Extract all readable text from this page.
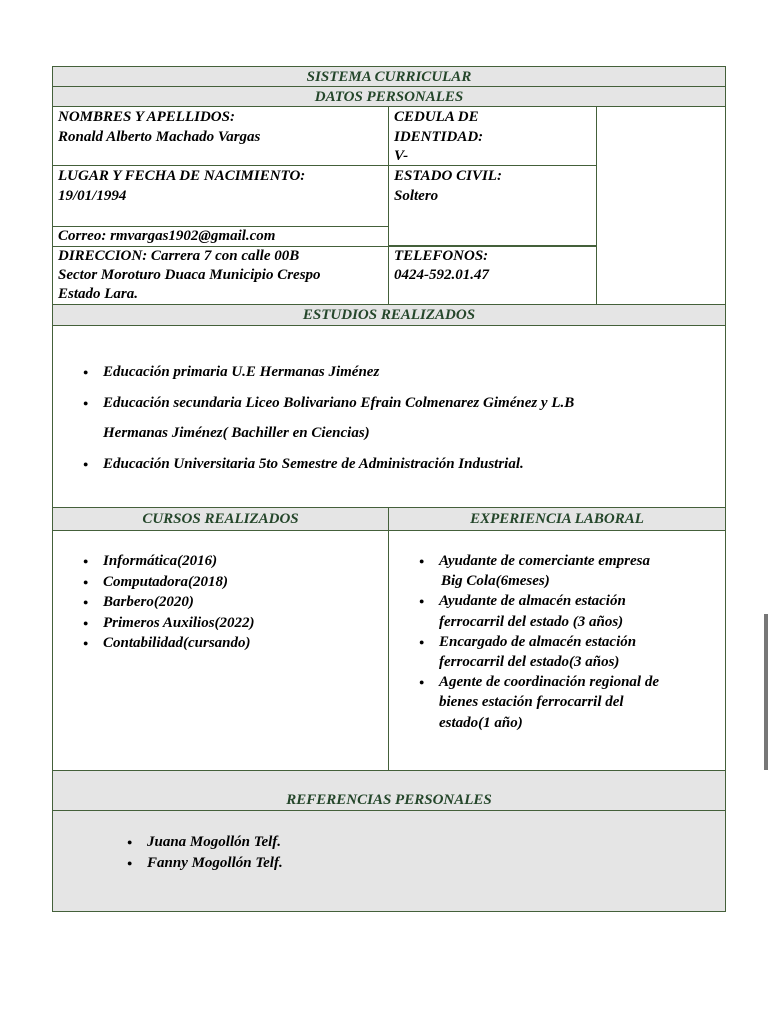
SISTEMA CURRICULAR
DATOS PERSONALES
NOMBRES Y APELLIDOS:
Ronald Alberto Machado Vargas
CEDULA DE
IDENTIDAD:
V-
LUGAR Y FECHA DE NACIMIENTO:
19/01/1994
ESTADO CIVIL:
Soltero
Correo: rmvargas1902@gmail.com
DIRECCION: Carrera 7 con calle 00B
Sector Moroturo Duaca Municipio Crespo
Estado Lara.
TELEFONOS:
0424-592.01.47
ESTUDIOS REALIZADOS
● Educación primaria U.E Hermanas Jiménez
● Educación secundaria Liceo Bolivariano Efrain Colmenarez Giménez y L.B
Hermanas Jiménez( Bachiller en Ciencias)
● Educación Universitaria 5to Semestre de Administración Industrial.
CURSOS REALIZADOS	EXPERIENCIA LABORAL
● Informática(2016)
● Computadora(2018)
● Barbero(2020)
● Primeros Auxilios(2022)
● Contabilidad(cursando)
● Ayudante de comerciante empresa
Big Cola(6meses)
● Ayudante de almacén estación
ferrocarril del estado (3 años)
● Encargado de almacén estación
ferrocarril del estado(3 años)
● Agente de coordinación regional de
bienes estación ferrocarril del
estado(1 año)
REFERENCIAS PERSONALES
● Juana Mogollón Telf.
● Fanny Mogollón Telf.
